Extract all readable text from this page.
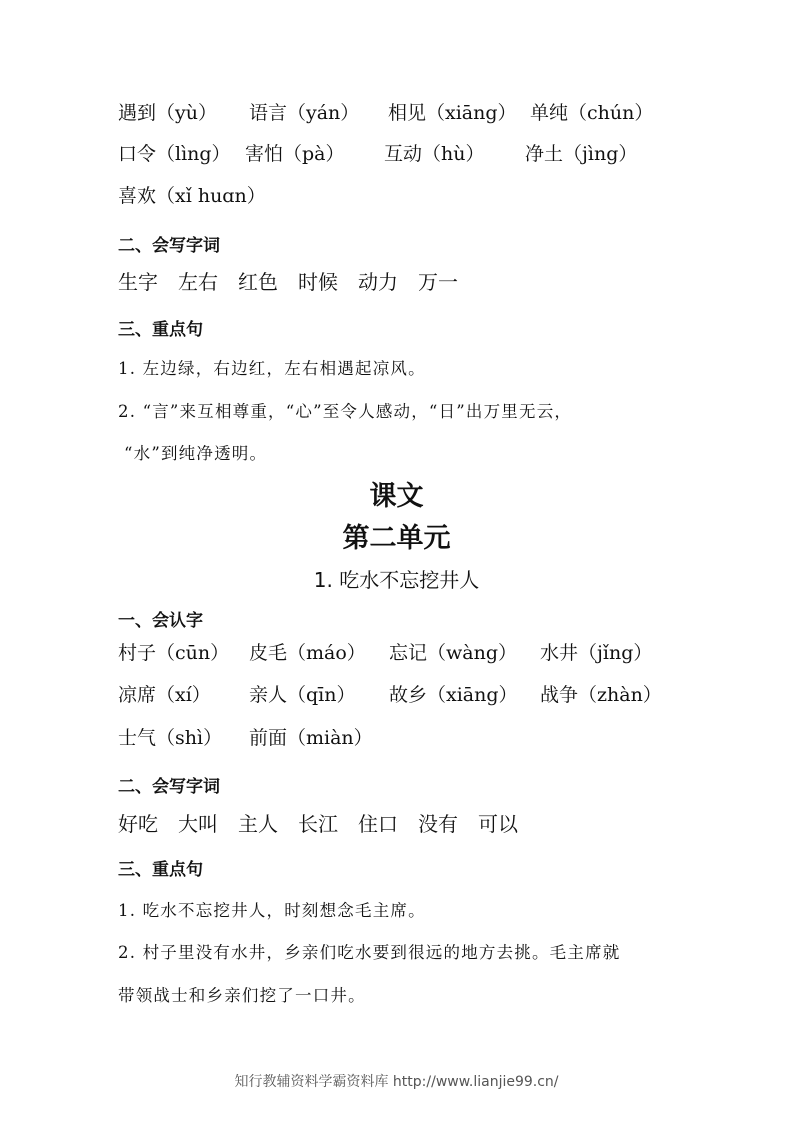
遇到（yù） 语言（yán） 相见（xiāng） 单纯（chún）
口令（lìng） 害怕（pà） 互动（hù） 净土（jìng）
喜欢（xǐ huɑn）
二、会写字词
生字 左右 红色 时候 动力 万一
三、重点句
1. 左边绿，右边红，左右相遇起凉风。
2. “言”来互相尊重，“心”至令人感动，“日”出万里无云，
“水”到纯净透明。
课文
第二单元
1. 吃水不忘挖井人
一、会认字
村子（cūn） 皮毛（máo） 忘记（wàng） 水井（jǐng）
凉席（xí） 亲人（qīn） 故乡（xiāng） 战争（zhàn）
士气（shì） 前面（miàn）
二、会写字词
好吃 大叫 主人 长江 住口 没有 可以
三、重点句
1. 吃水不忘挖井人，时刻想念毛主席。
2. 村子里没有水井，乡亲们吃水要到很远的地方去挑。毛主席就
带领战士和乡亲们挖了一口井。
知行教辅资料学霸资料库 http://www.lianjie99.cn/
